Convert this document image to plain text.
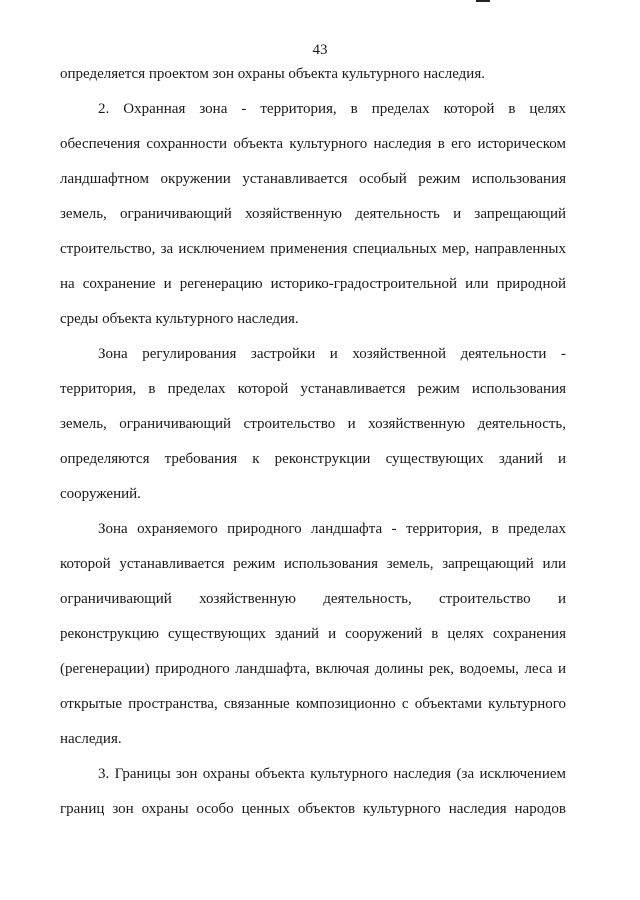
43
определяется проектом зон охраны объекта культурного наследия.
2. Охранная зона - территория, в пределах которой в целях
обеспечения сохранности объекта культурного наследия в его историческом
ландшафтном окружении устанавливается особый режим использования
земель, ограничивающий хозяйственную деятельность и запрещающий
строительство, за исключением применения специальных мер, направленных
на сохранение и регенерацию историко-градостроительной или природной
среды объекта культурного наследия.
Зона регулирования застройки и хозяйственной деятельности -
территория, в пределах которой устанавливается режим использования
земель, ограничивающий строительство и хозяйственную деятельность,
определяются требования к реконструкции существующих зданий и
сооружений.
Зона охраняемого природного ландшафта - территория, в пределах
которой устанавливается режим использования земель, запрещающий или
ограничивающий хозяйственную деятельность, строительство и
реконструкцию существующих зданий и сооружений в целях сохранения
(регенерации) природного ландшафта, включая долины рек, водоемы, леса и
открытые пространства, связанные композиционно с объектами культурного
наследия.
3. Границы зон охраны объекта культурного наследия (за исключением
границ зон охраны особо ценных объектов культурного наследия народов
